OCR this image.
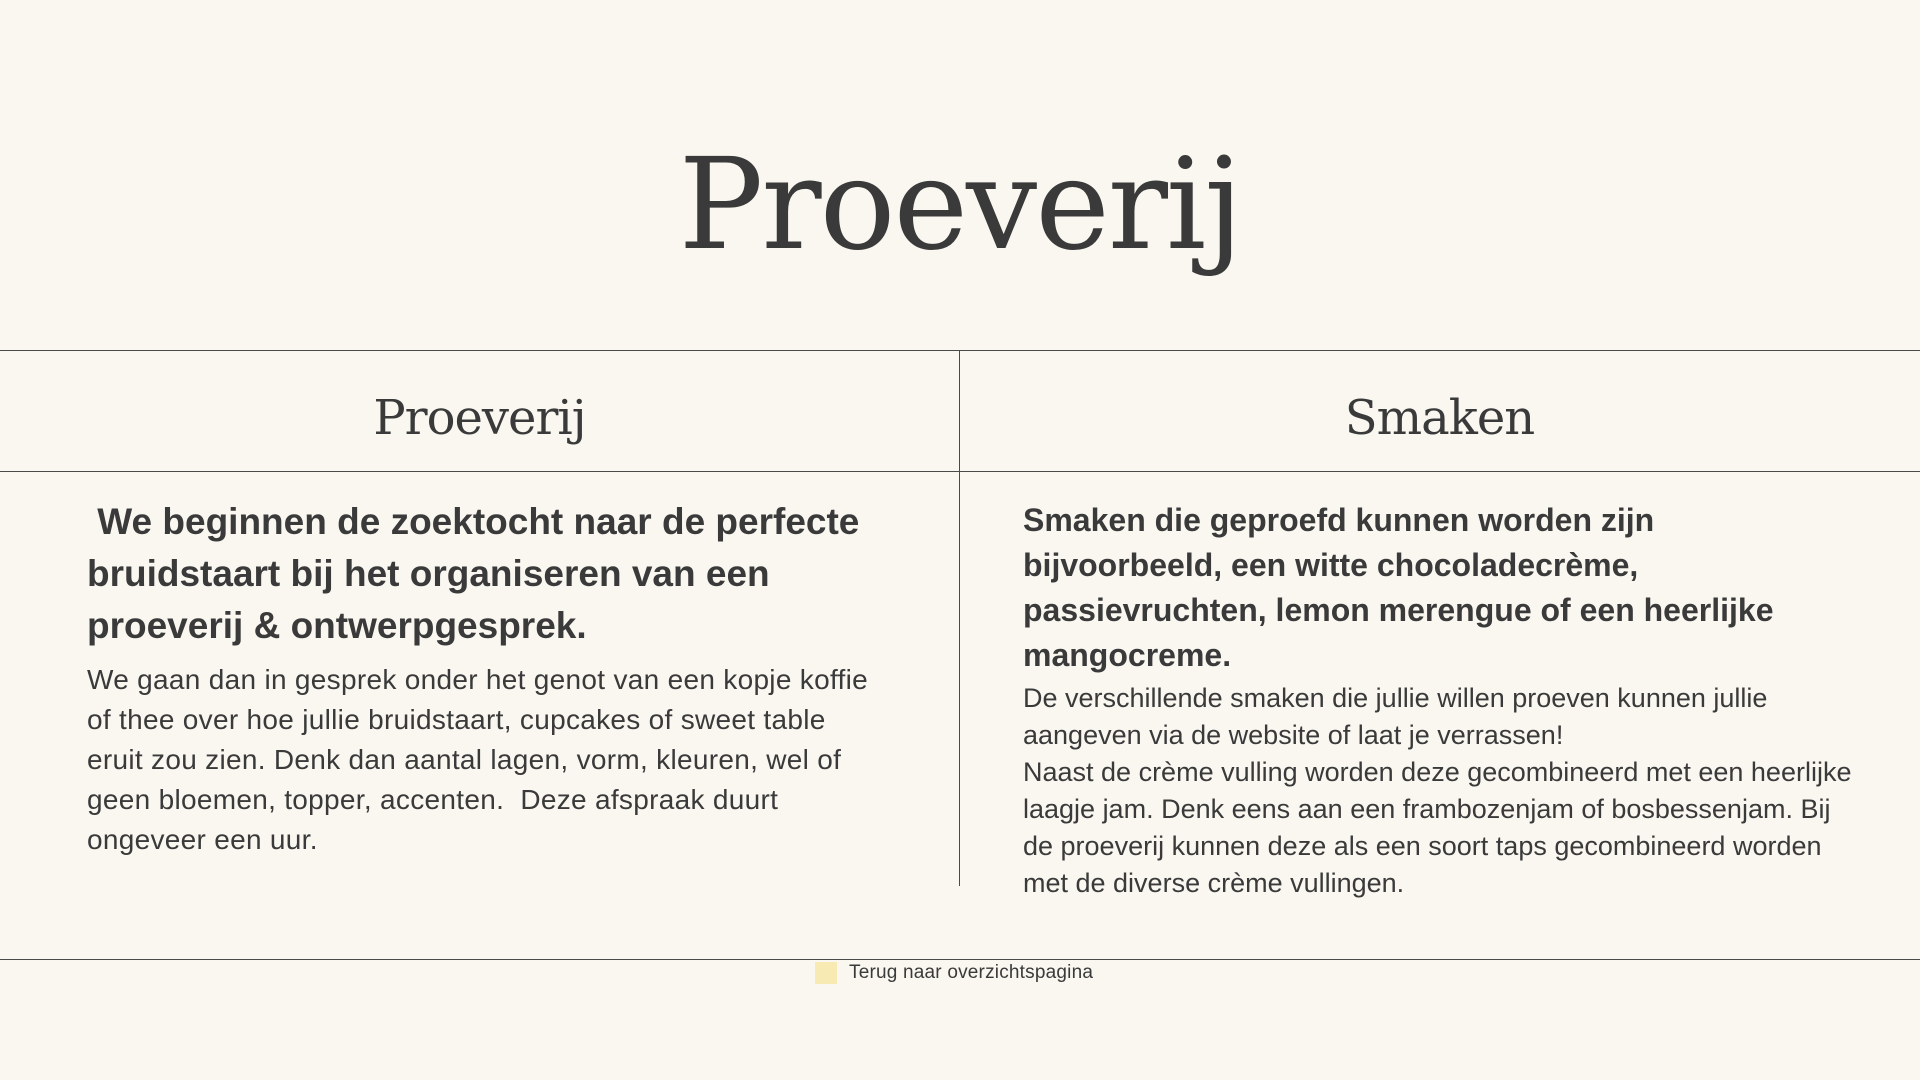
Proeverij
Proeverij	Smaken

We beginnen de zoektocht naar de perfecte bruidstaart bij het organiseren van een proeverij & ontwerpgesprek.

We gaan dan in gesprek onder het genot van een kopje koffie of thee over hoe jullie bruidstaart, cupcakes of sweet table eruit zou zien. Denk dan aantal lagen, vorm, kleuren, wel of geen bloemen, topper, accenten.  Deze afspraak duurt ongeveer een uur.

Smaken die geproefd kunnen worden zijn bijvoorbeeld, een witte chocoladecrème, passievruchten, lemon merengue of een heerlijke mangocreme.

De verschillende smaken die jullie willen proeven kunnen jullie aangeven via de website of laat je verrassen!

Naast de crème vulling worden deze gecombineerd met een heerlijke laagje jam. Denk eens aan een frambozenjam of bosbessenjam. Bij de proeverij kunnen deze als een soort taps gecombineerd worden met de diverse crème vullingen.

Terug naar overzichtspagina
